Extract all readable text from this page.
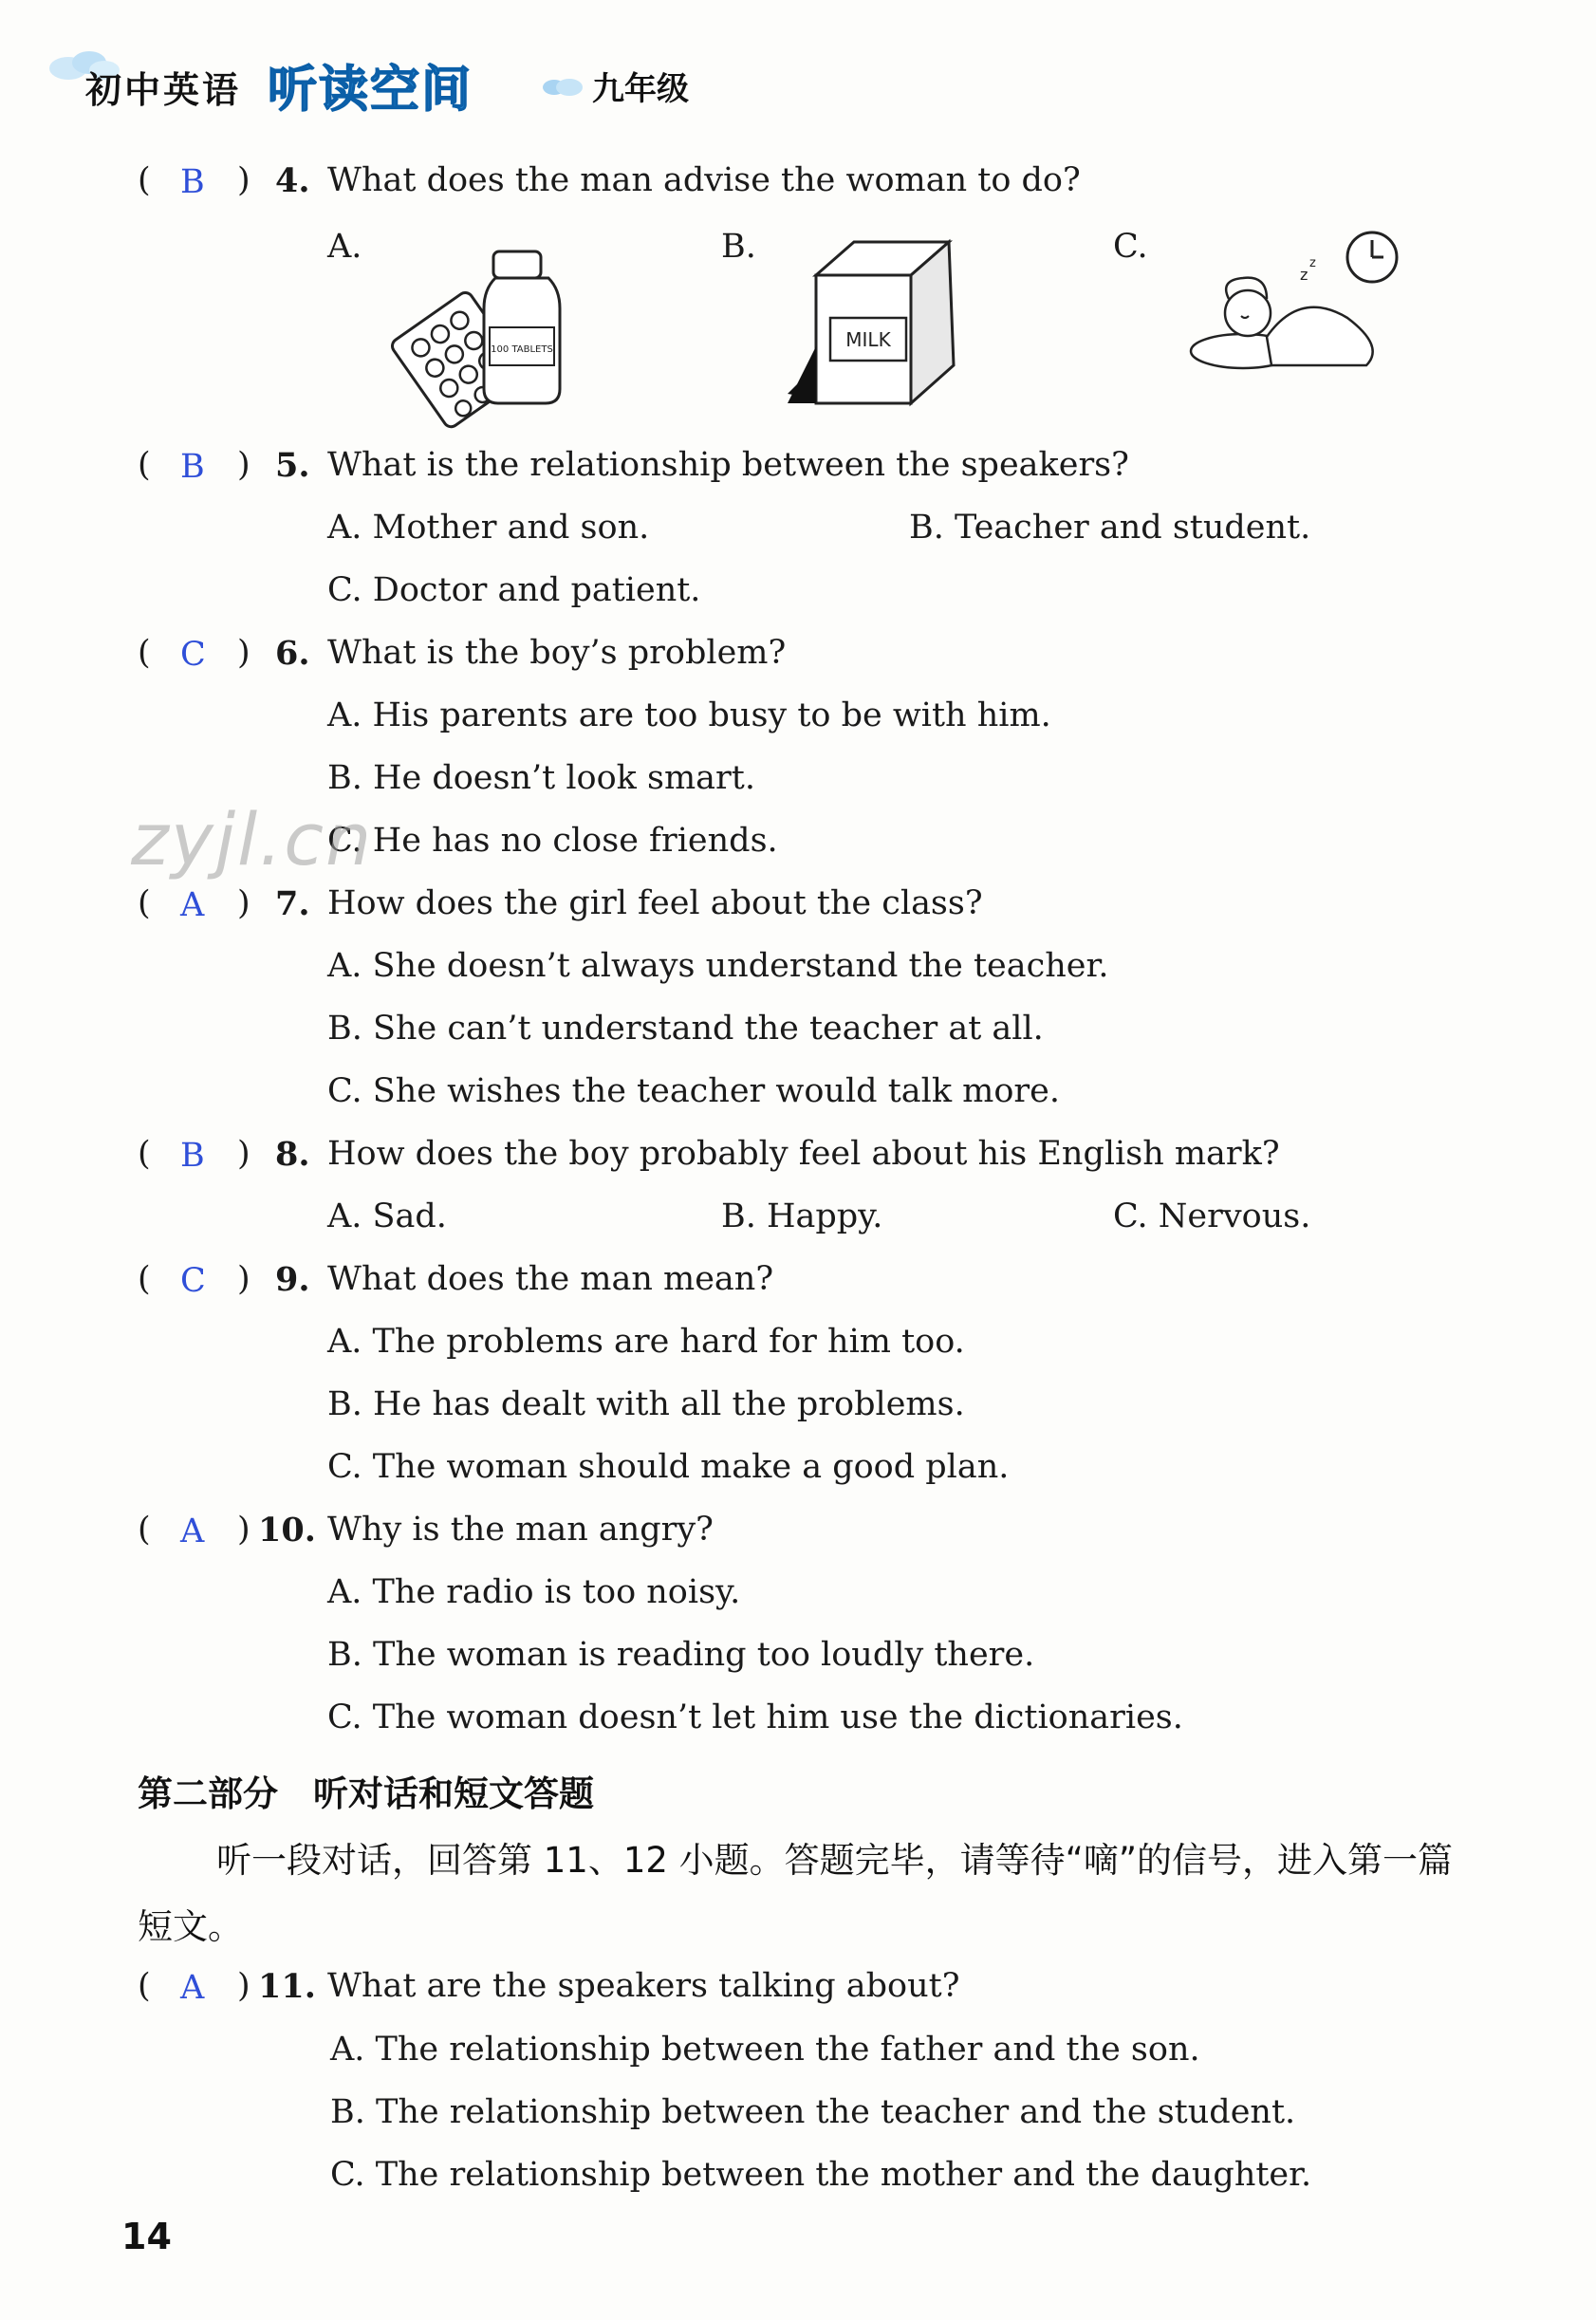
初中英语 听读空间	九年级
( B ) 4. What does the man advise the woman to do?
A.	B.	C.
100 TABLETS	MILK
z
z
( B ) 5. What is the relationship between the speakers?
A. Mother and son.	B. Teacher and student.
C. Doctor and patient.
( C ) 6. What is the boy’s problem?
A. His parents are too busy to be with him.
B. He doesn’t look smart.
C. He has no close friends.
zyjl.cn
( A ) 7. How does the girl feel about the class?
A. She doesn’t always understand the teacher.
B. She can’t understand the teacher at all.
C. She wishes the teacher would talk more.
( B ) 8. How does the boy probably feel about his English mark?
A. Sad.	B. Happy.	C. Nervous.
( C ) 9. What does the man mean?
A. The problems are hard for him too.
B. He has dealt with all the problems.
C. The woman should make a good plan.
( A ) 10. Why is the man angry?
A. The radio is too noisy.
B. The woman is reading too loudly there.
C. The woman doesn’t let him use the dictionaries.
第二部分　听对话和短文答题
听一段对话，回答第 11、12 小题。答题完毕，请等待“嘀”的信号，进入第一篇
短文。
( A ) 11. What are the speakers talking about?
A. The relationship between the father and the son.
B. The relationship between the teacher and the student.
C. The relationship between the mother and the daughter.
14
